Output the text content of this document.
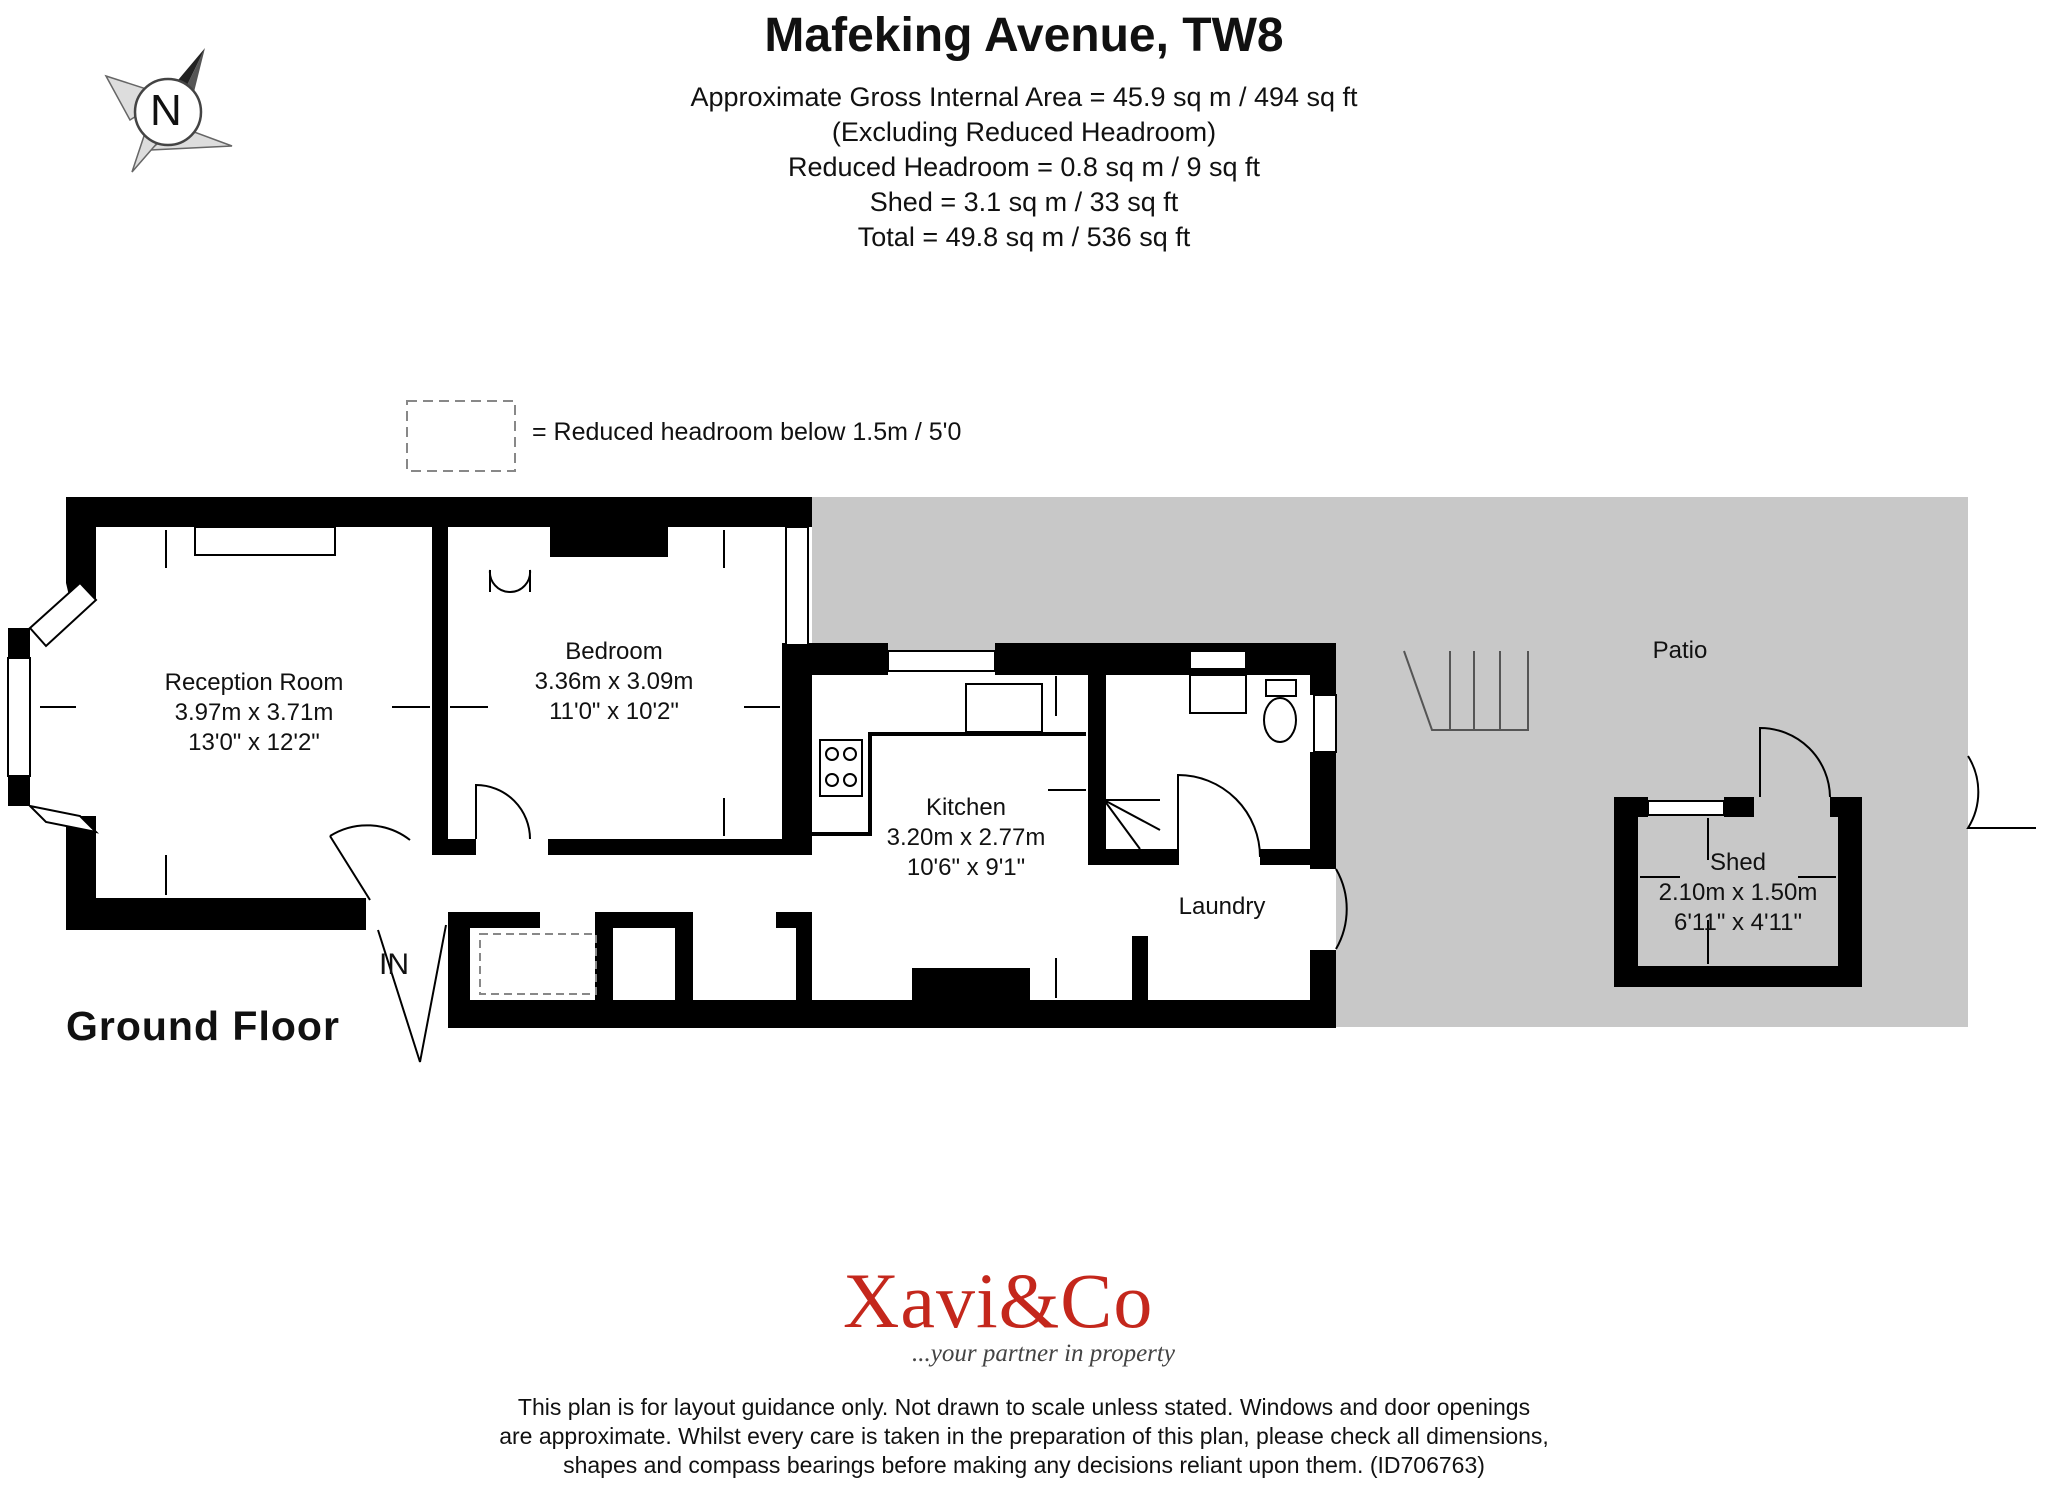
Mafeking Avenue, TW8
Approximate Gross Internal Area = 45.9 sq m / 494 sq ft
(Excluding Reduced Headroom)
Reduced Headroom = 0.8 sq m / 9 sq ft
Shed = 3.1 sq m / 33 sq ft
Total = 49.8 sq m / 536 sq ft
N
= Reduced headroom below 1.5m / 5'0
Reception Room
3.97m x 3.71m
13'0" x 12'2"
Bedroom
3.36m x 3.09m
11'0" x 10'2"
Kitchen
3.20m x 2.77m
10'6" x 9'1"
Laundry
Patio
Shed
2.10m x 1.50m
6'11" x 4'11"
IN
Ground Floor
Xavi&Co
...your partner in property
This plan is for layout guidance only. Not drawn to scale unless stated. Windows and door openings
are approximate. Whilst every care is taken in the preparation of this plan, please check all dimensions,
shapes and compass bearings before making any decisions reliant upon them. (ID706763)
